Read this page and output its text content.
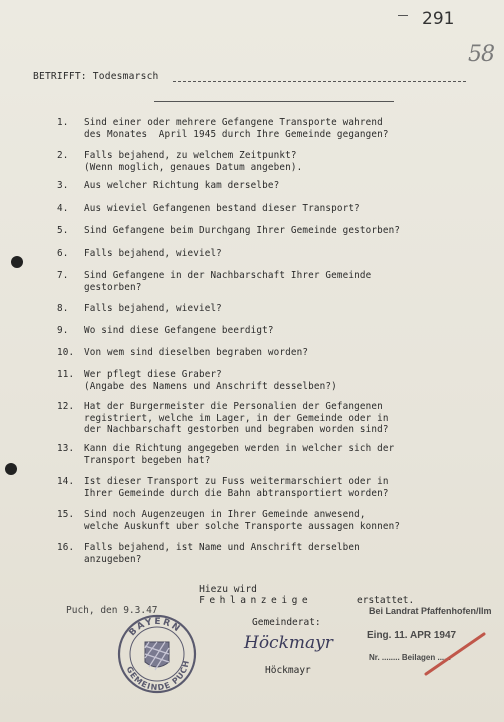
291
58
BETRIFFT: Todesmarsch

1.

Sind einer oder mehrere Gefangene Transporte wahrend
des Monates  April 1945 durch Ihre Gemeinde gegangen?

2.

Falls bejahend, zu welchem Zeitpunkt?
(Wenn moglich, genaues Datum angeben).

3.

Aus welcher Richtung kam derselbe?

4.

Aus wieviel Gefangenen bestand dieser Transport?

5.

Sind Gefangene beim Durchgang Ihrer Gemeinde gestorben?

6.

Falls bejahend, wieviel?

7.

Sind Gefangene in der Nachbarschaft Ihrer Gemeinde
gestorben?

8.

Falls bejahend, wieviel?

9.

Wo sind diese Gefangene beerdigt?

10.

Von wem sind dieselben begraben worden?

11.

Wer pflegt diese Graber?
(Angabe des Namens und Anschrift desselben?)

12.

Hat der Burgermeister die Personalien der Gefangenen
registriert, welche im Lager, in der Gemeinde oder in
der Nachbarschaft gestorben und begraben worden sind?

13.

Kann die Richtung angegeben werden in welcher sich der
Transport begeben hat?

14.

Ist dieser Transport zu Fuss weitermarschiert oder in
Ihrer Gemeinde durch die Bahn abtransportiert worden?

15.

Sind noch Augenzeugen in Ihrer Gemeinde anwesend,
welche Auskunft uber solche Transporte aussagen konnen?

16.

Falls bejahend, ist Name und Anschrift derselben
anzugeben?

Hiezu wird
Fehlanzeige
	erstattet.
Puch, den 9.3.47
BAYERN
GEMEINDE PUCH
Gemeinderat:
Höckmayr
Höckmayr
Bei Landrat Pfaffenhofen/Ilm
Eing. 11. APR 1947
Nr. ........ Beilagen ......
